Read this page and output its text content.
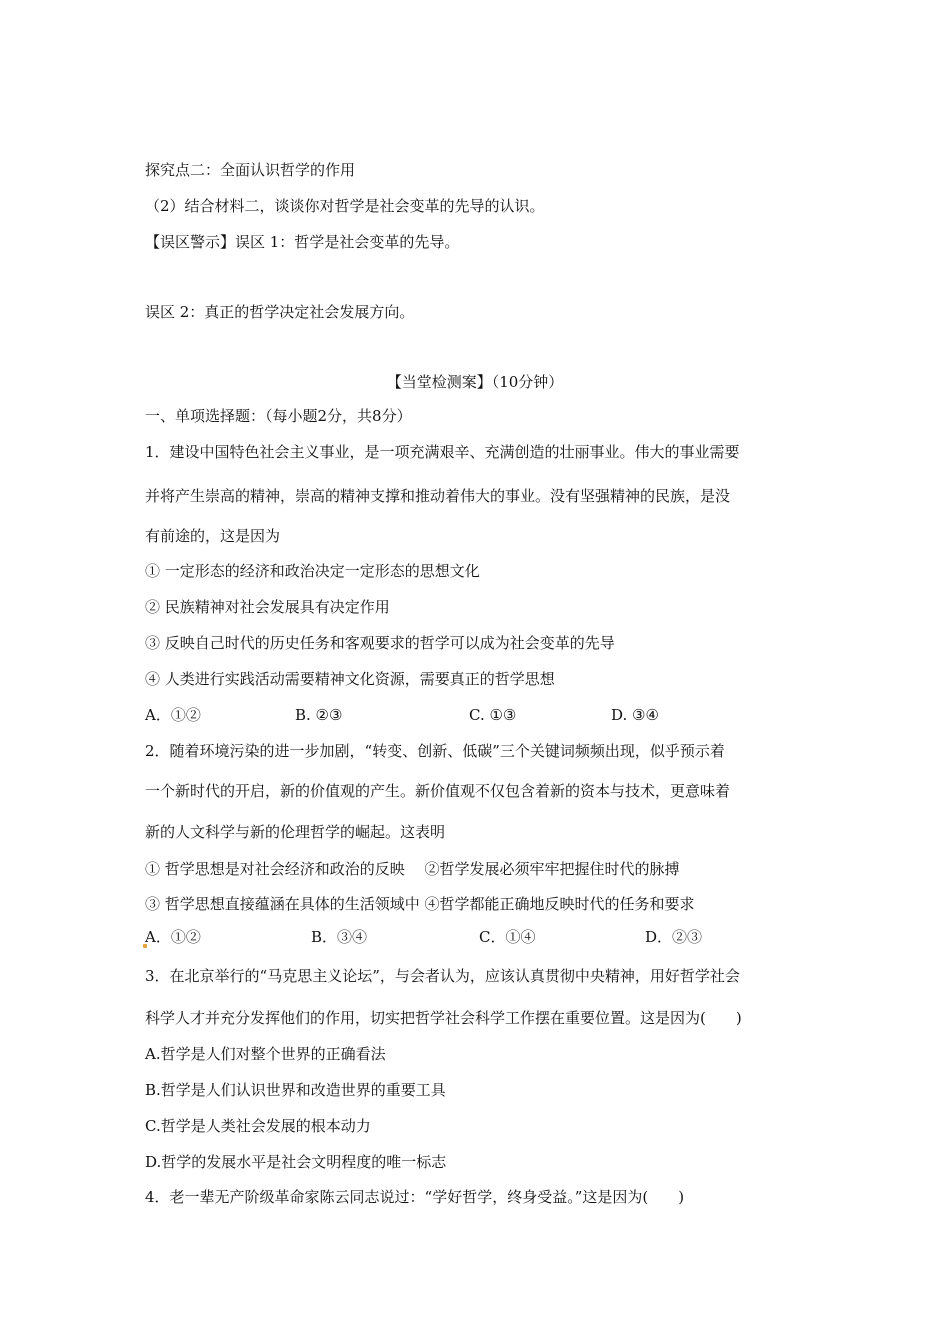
探究点二：全面认识哲学的作用
（2）结合材料二，谈谈你对哲学是社会变革的先导的认识。
【误区警示】误区 1：哲学是社会变革的先导。
误区 2：真正的哲学决定社会发展方向。
【当堂检测案】（10分钟）
一、单项选择题：（每小题2分，共8分）
1．建设中国特色社会主义事业，是一项充满艰辛、充满创造的壮丽事业。伟大的事业需要
并将产生崇高的精神，崇高的精神支撑和推动着伟大的事业。没有坚强精神的民族，是没
有前途的，这是因为
① 一定形态的经济和政治决定一定形态的思想文化
② 民族精神对社会发展具有决定作用
③ 反映自己时代的历史任务和客观要求的哲学可以成为社会变革的先导
④ 人类进行实践活动需要精神文化资源，需要真正的哲学思想
A．①②	B. ②③	C. ①③	D. ③④
2．随着环境污染的进一步加剧，“转变、创新、低碳”三个关键词频频出现，似乎预示着
一个新时代的开启，新的价值观的产生。新价值观不仅包含着新的资本与技术，更意味着
新的人文科学与新的伦理哲学的崛起。这表明
① 哲学思想是对社会经济和政治的反映　 ②哲学发展必须牢牢把握住时代的脉搏
③ 哲学思想直接蕴涵在具体的生活领域中 ④哲学都能正确地反映时代的任务和要求
A．①②	B．③④	C．①④	D．②③
3．在北京举行的“马克思主义论坛”，与会者认为，应该认真贯彻中央精神，用好哲学社会
科学人才并充分发挥他们的作用，切实把哲学社会科学工作摆在重要位置。这是因为(　　)
A.哲学是人们对整个世界的正确看法
B.哲学是人们认识世界和改造世界的重要工具
C.哲学是人类社会发展的根本动力
D.哲学的发展水平是社会文明程度的唯一标志
4．老一辈无产阶级革命家陈云同志说过：“学好哲学，终身受益。”这是因为(　　)
